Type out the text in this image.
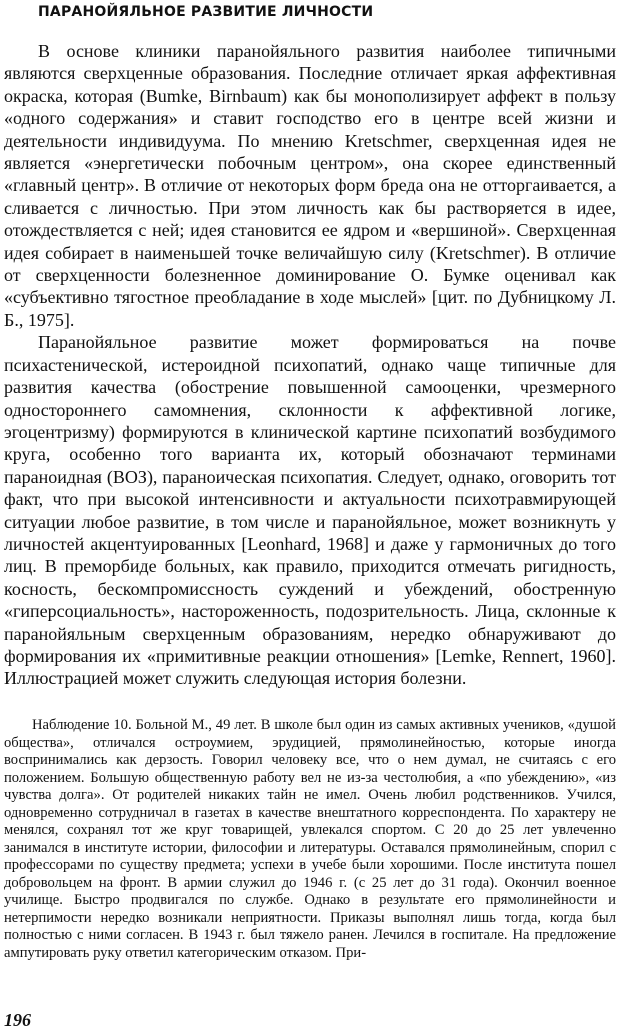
ПАРАНОЙЯЛЬНОЕ РАЗВИТИЕ ЛИЧНОСТИ

В основе клиники паранойяльного развития наиболее типичными являются сверхценные образования. Последние отличает яркая аффективная окраска, которая (Bumke, Birnbaum) как бы монополизирует аффект в пользу «одного содержания» и ставит господство его в центре всей жизни и деятельности индивидуума. По мнению Kretschmer, сверхценная идея не является «энергетически побочным центром», она скорее единственный «главный центр». В отличие от некоторых форм бреда она не отторгаивается, а сливается с личностью. При этом личность как бы растворяется в идее, отождествляется с ней; идея становится ее ядром и «вершиной». Сверхценная идея собирает в наименьшей точке величайшую силу (Kretschmer). В отличие от сверхценности болезненное доминирование О. Бумке оценивал как «субъективно тягостное преобладание в ходе мыслей» [цит. по Дубницкому Л. Б., 1975].

Паранойяльное развитие может формироваться на почве психастенической, истероидной психопатий, однако чаще типичные для развития качества (обострение повышенной самооценки, чрезмерного одностороннего самомнения, склонности к аффективной логике, эгоцентризму) формируются в клинической картине психопатий возбудимого круга, особенно того варианта их, который обозначают терминами параноидная (ВОЗ), параноическая психопатия. Следует, однако, оговорить тот факт, что при высокой интенсивности и актуальности психотравмирующей ситуации любое развитие, в том числе и паранойяльное, может возникнуть у личностей акцентуированных [Leonhard, 1968] и даже у гармоничных до того лиц. В преморбиде больных, как правило, приходится отмечать ригидность, косность, бескомпромиссность суждений и убеждений, обостренную «гиперсоциальность», настороженность, подозрительность. Лица, склонные к паранойяльным сверхценным образованиям, нередко обнаруживают до формирования их «примитивные реакции отношения» [Lemke, Rennert, 1960]. Иллюстрацией может служить следующая история болезни.

Наблюдение 10. Больной М., 49 лет. В школе был один из самых активных учеников, «душой общества», отличался остроумием, эрудицией, прямолинейностью, которые иногда воспринимались как дерзость. Говорил человеку все, что о нем думал, не считаясь с его положением. Большую общественную работу вел не из-за честолюбия, а «по убеждению», «из чувства долга». От родителей никаких тайн не имел. Очень любил родственников. Учился, одновременно сотрудничал в газетах в качестве внештатного корреспондента. По характеру не менялся, сохранял тот же круг товарищей, увлекался спортом. С 20 до 25 лет увлеченно занимался в институте истории, философии и литературы. Оставался прямолинейным, спорил с профессорами по существу предмета; успехи в учебе были хорошими. После института пошел добровольцем на фронт. В армии служил до 1946 г. (с 25 лет до 31 года). Окончил военное училище. Быстро продвигался по службе. Однако в результате его прямолинейности и нетерпимости нередко возникали неприятности. Приказы выполнял лишь тогда, когда был полностью с ними согласен. В 1943 г. был тяжело ранен. Лечился в госпитале. На предложение ампутировать руку ответил категорическим отказом. При-

196
